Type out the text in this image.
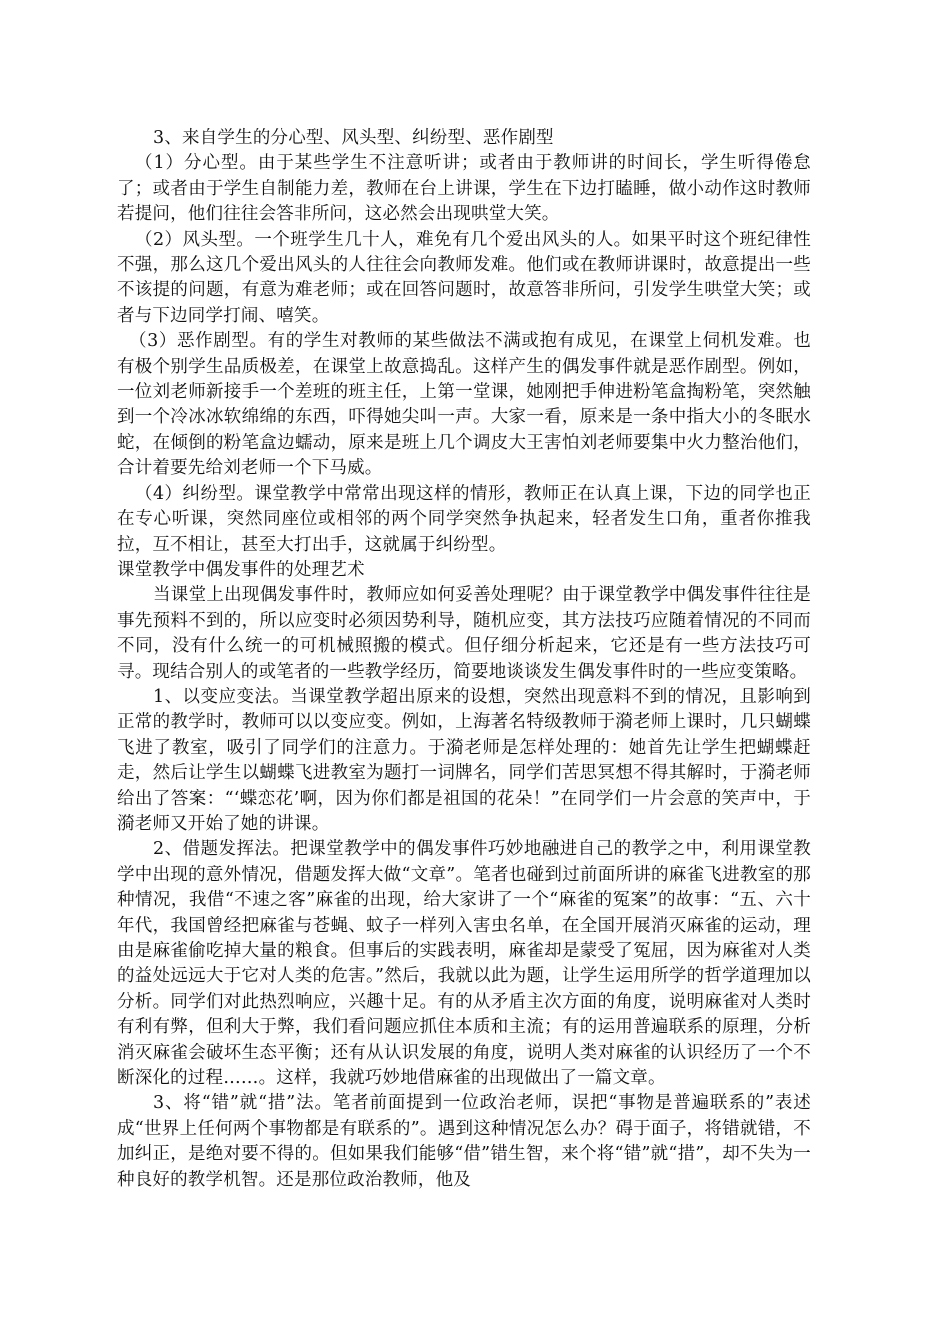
3、来自学生的分心型、风头型、纠纷型、恶作剧型

（1）分心型。由于某些学生不注意听讲；或者由于教师讲的时间长，学生听得倦怠了；或者由于学生自制能力差，教师在台上讲课，学生在下边打瞌睡，做小动作这时教师若提问，他们往往会答非所问，这必然会出现哄堂大笑。

（2）风头型。一个班学生几十人，难免有几个爱出风头的人。如果平时这个班纪律性不强，那么这几个爱出风头的人往往会向教师发难。他们或在教师讲课时，故意提出一些不该提的问题，有意为难老师；或在回答问题时，故意答非所问，引发学生哄堂大笑；或者与下边同学打闹、嘻笑。

（3）恶作剧型。有的学生对教师的某些做法不满或抱有成见，在课堂上伺机发难。也有极个别学生品质极差，在课堂上故意捣乱。这样产生的偶发事件就是恶作剧型。例如，一位刘老师新接手一个差班的班主任，上第一堂课，她刚把手伸进粉笔盒掏粉笔，突然触到一个冷冰冰软绵绵的东西，吓得她尖叫一声。大家一看，原来是一条中指大小的冬眠水蛇，在倾倒的粉笔盒边蠕动，原来是班上几个调皮大王害怕刘老师要集中火力整治他们，合计着要先给刘老师一个下马威。

（4）纠纷型。课堂教学中常常出现这样的情形，教师正在认真上课，下边的同学也正在专心听课，突然同座位或相邻的两个同学突然争执起来，轻者发生口角，重者你推我拉，互不相让，甚至大打出手，这就属于纠纷型。

课堂教学中偶发事件的处理艺术

当课堂上出现偶发事件时，教师应如何妥善处理呢？由于课堂教学中偶发事件往往是事先预料不到的，所以应变时必须因势利导，随机应变，其方法技巧应随着情况的不同而不同，没有什么统一的可机械照搬的模式。但仔细分析起来，它还是有一些方法技巧可寻。现结合别人的或笔者的一些教学经历，简要地谈谈发生偶发事件时的一些应变策略。

1、以变应变法。当课堂教学超出原来的设想，突然出现意料不到的情况，且影响到正常的教学时，教师可以以变应变。例如，上海著名特级教师于漪老师上课时，几只蝴蝶飞进了教室，吸引了同学们的注意力。于漪老师是怎样处理的：她首先让学生把蝴蝶赶走，然后让学生以蝴蝶飞进教室为题打一词牌名，同学们苦思冥想不得其解时，于漪老师给出了答案：“‘蝶恋花’啊，因为你们都是祖国的花朵！”在同学们一片会意的笑声中，于漪老师又开始了她的讲课。

2、借题发挥法。把课堂教学中的偶发事件巧妙地融进自己的教学之中，利用课堂教学中出现的意外情况，借题发挥大做“文章”。笔者也碰到过前面所讲的麻雀飞进教室的那种情况，我借“不速之客”麻雀的出现，给大家讲了一个“麻雀的冤案”的故事：“五、六十年代，我国曾经把麻雀与苍蝇、蚊子一样列入害虫名单，在全国开展消灭麻雀的运动，理由是麻雀偷吃掉大量的粮食。但事后的实践表明，麻雀却是蒙受了冤屈，因为麻雀对人类的益处远远大于它对人类的危害。”然后，我就以此为题，让学生运用所学的哲学道理加以分析。同学们对此热烈响应，兴趣十足。有的从矛盾主次方面的角度，说明麻雀对人类时有利有弊，但利大于弊，我们看问题应抓住本质和主流；有的运用普遍联系的原理，分析消灭麻雀会破坏生态平衡；还有从认识发展的角度，说明人类对麻雀的认识经历了一个不断深化的过程……。这样，我就巧妙地借麻雀的出现做出了一篇文章。

3、将“错”就“措”法。笔者前面提到一位政治老师，误把“事物是普遍联系的”表述成“世界上任何两个事物都是有联系的”。遇到这种情况怎么办？碍于面子，将错就错，不加纠正，是绝对要不得的。但如果我们能够“借”错生智，来个将“错”就“措”，却不失为一种良好的教学机智。还是那位政治教师，他及
